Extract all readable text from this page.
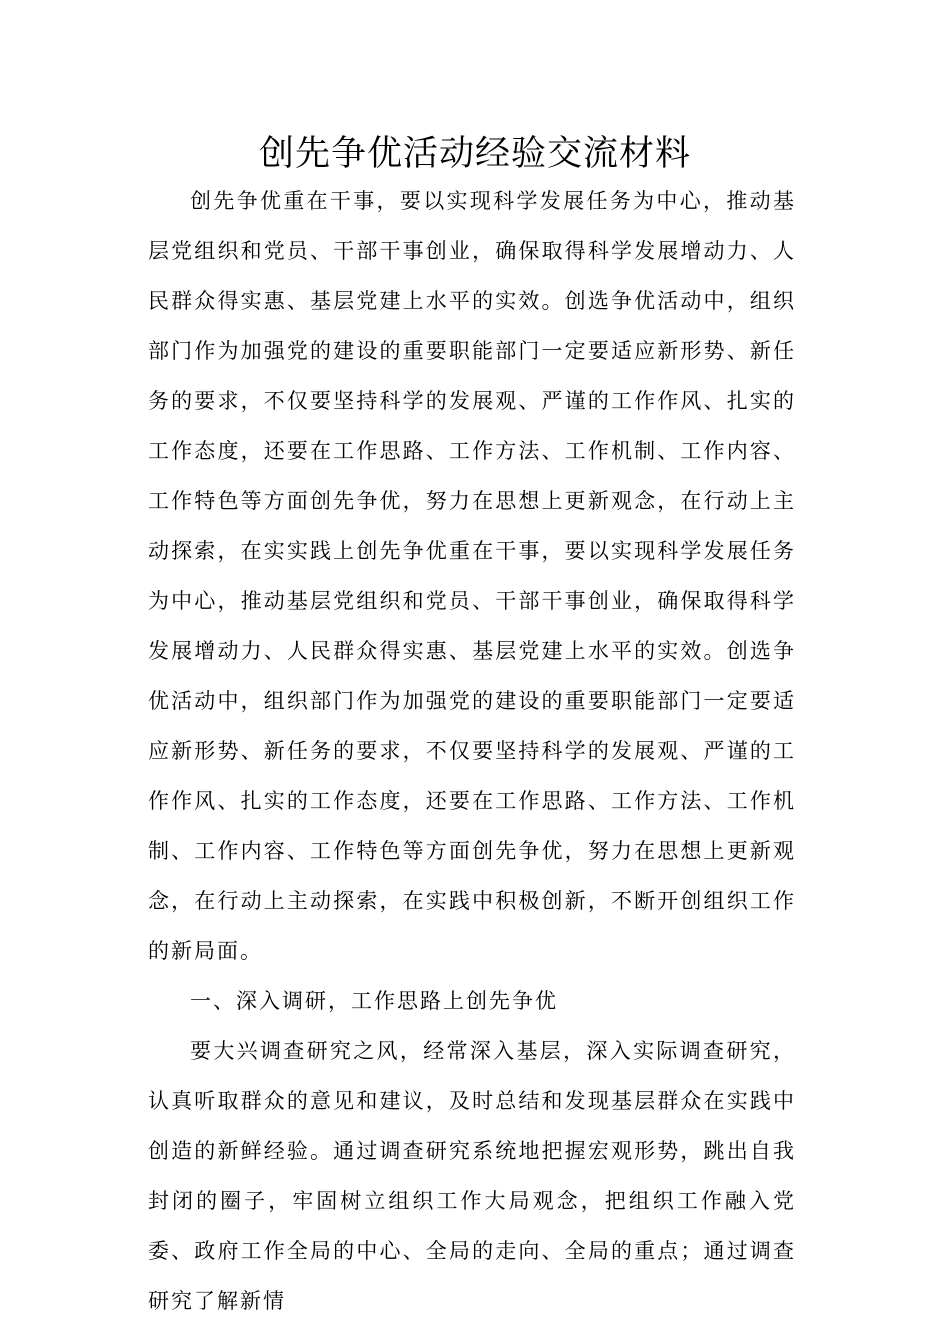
创先争优活动经验交流材料

创先争优重在干事，要以实现科学发展任务为中心，推动基层党组织和党员、干部干事创业，确保取得科学发展增动力、人民群众得实惠、基层党建上水平的实效。创选争优活动中，组织部门作为加强党的建设的重要职能部门一定要适应新形势、新任务的要求，不仅要坚持科学的发展观、严谨的工作作风、扎实的工作态度，还要在工作思路、工作方法、工作机制、工作内容、工作特色等方面创先争优，努力在思想上更新观念，在行动上主动探索，在实实践上创先争优重在干事，要以实现科学发展任务为中心，推动基层党组织和党员、干部干事创业，确保取得科学发展增动力、人民群众得实惠、基层党建上水平的实效。创选争优活动中，组织部门作为加强党的建设的重要职能部门一定要适应新形势、新任务的要求，不仅要坚持科学的发展观、严谨的工作作风、扎实的工作态度，还要在工作思路、工作方法、工作机制、工作内容、工作特色等方面创先争优，努力在思想上更新观念，在行动上主动探索，在实践中积极创新，不断开创组织工作的新局面。

一、深入调研，工作思路上创先争优

要大兴调查研究之风，经常深入基层，深入实际调查研究，认真听取群众的意见和建议，及时总结和发现基层群众在实践中创造的新鲜经验。通过调查研究系统地把握宏观形势，跳出自我封闭的圈子，牢固树立组织工作大局观念，把组织工作融入党委、政府工作全局的中心、全局的走向、全局的重点；通过调查研究了解新情
